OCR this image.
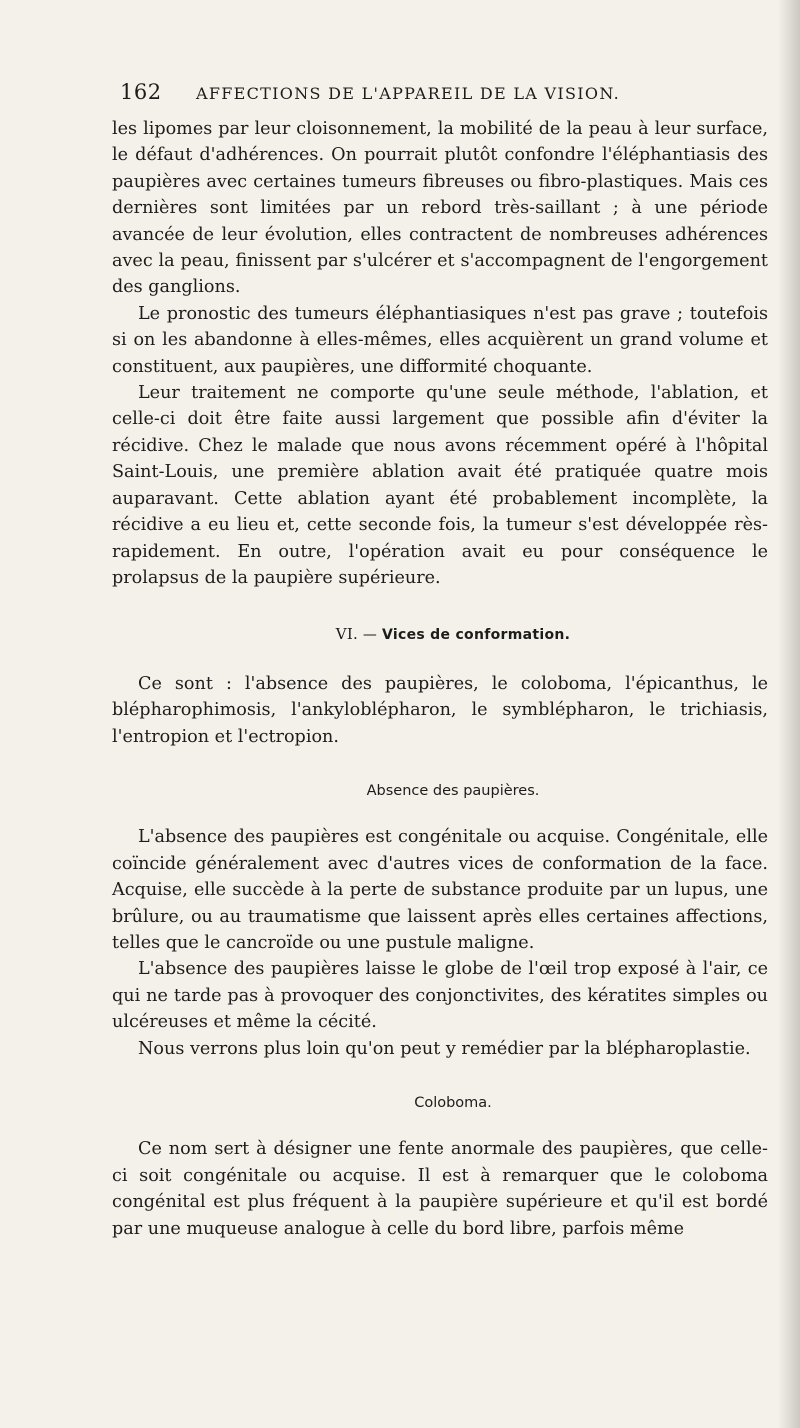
162 AFFECTIONS DE L'APPAREIL DE LA VISION.

les lipomes par leur cloisonnement, la mobilité de la peau à leur surface, le défaut d'adhérences. On pourrait plutôt confondre l'éléphantiasis des paupières avec certaines tumeurs fibreuses ou fibro-plastiques. Mais ces dernières sont limitées par un rebord très-saillant ; à une période avancée de leur évolution, elles contractent de nombreuses adhérences avec la peau, finissent par s'ulcérer et s'accompagnent de l'engorgement des ganglions.

Le pronostic des tumeurs éléphantiasiques n'est pas grave ; toutefois si on les abandonne à elles-mêmes, elles acquièrent un grand volume et constituent, aux paupières, une difformité choquante.

Leur traitement ne comporte qu'une seule méthode, l'ablation, et celle-ci doit être faite aussi largement que possible afin d'éviter la récidive. Chez le malade que nous avons récemment opéré à l'hôpital Saint-Louis, une première ablation avait été pratiquée quatre mois auparavant. Cette ablation ayant été probablement incomplète, la récidive a eu lieu et, cette seconde fois, la tumeur s'est développée rès-rapidement. En outre, l'opération avait eu pour conséquence le prolapsus de la paupière supérieure.

VI. — Vices de conformation.

Ce sont : l'absence des paupières, le coloboma, l'épicanthus, le blépharophimosis, l'ankyloblépharon, le symblépharon, le trichiasis, l'entropion et l'ectropion.

Absence des paupières.

L'absence des paupières est congénitale ou acquise. Congénitale, elle coïncide généralement avec d'autres vices de conformation de la face. Acquise, elle succède à la perte de substance produite par un lupus, une brûlure, ou au traumatisme que laissent après elles certaines affections, telles que le cancroïde ou une pustule maligne.

L'absence des paupières laisse le globe de l'œil trop exposé à l'air, ce qui ne tarde pas à provoquer des conjonctivites, des kératites simples ou ulcéreuses et même la cécité.

Nous verrons plus loin qu'on peut y remédier par la blépharoplastie.

Coloboma.

Ce nom sert à désigner une fente anormale des paupières, que celle-ci soit congénitale ou acquise. Il est à remarquer que le coloboma congénital est plus fréquent à la paupière supérieure et qu'il est bordé par une muqueuse analogue à celle du bord libre, parfois même
